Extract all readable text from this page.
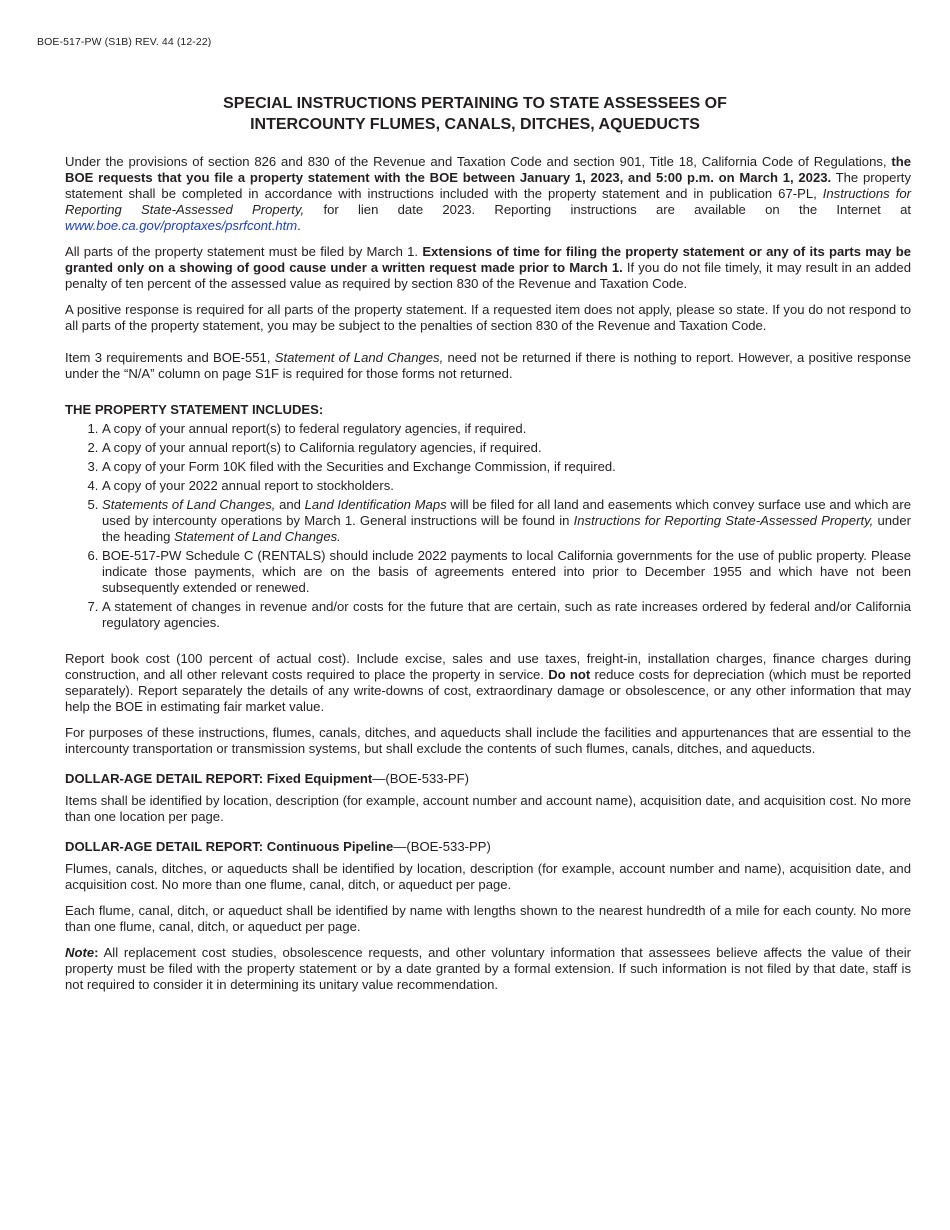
BOE-517-PW (S1B) REV. 44 (12-22)
SPECIAL INSTRUCTIONS PERTAINING TO STATE ASSESSEES OF
INTERCOUNTY FLUMES, CANALS, DITCHES, AQUEDUCTS

Under the provisions of section 826 and 830 of the Revenue and Taxation Code and section 901, Title 18, California Code of Regulations, the BOE requests that you file a property statement with the BOE between January 1, 2023, and 5:00 p.m. on March 1, 2023. The property statement shall be completed in accordance with instructions included with the property statement and in publication 67-PL, Instructions for Reporting State-Assessed Property, for lien date 2023. Reporting instructions are available on the Internet at www.boe.ca.gov/proptaxes/psrfcont.htm.

All parts of the property statement must be filed by March 1. Extensions of time for filing the property statement or any of its parts may be granted only on a showing of good cause under a written request made prior to March 1. If you do not file timely, it may result in an added penalty of ten percent of the assessed value as required by section 830 of the Revenue and Taxation Code.

A positive response is required for all parts of the property statement. If a requested item does not apply, please so state. If you do not respond to all parts of the property statement, you may be subject to the penalties of section 830 of the Revenue and Taxation Code.

Item 3 requirements and BOE-551, Statement of Land Changes, need not be returned if there is nothing to report. However, a positive response under the “N/A” column on page S1F is required for those forms not returned.

THE PROPERTY STATEMENT INCLUDES:
1. A copy of your annual report(s) to federal regulatory agencies, if required.
2. A copy of your annual report(s) to California regulatory agencies, if required.
3. A copy of your Form 10K filed with the Securities and Exchange Commission, if required.
4. A copy of your 2022 annual report to stockholders.
5. Statements of Land Changes, and Land Identification Maps will be filed for all land and easements which convey surface use and which are used by intercounty operations by March 1. General instructions will be found in Instructions for Reporting State-Assessed Property, under the heading Statement of Land Changes.
6. BOE-517-PW Schedule C (RENTALS) should include 2022 payments to local California governments for the use of public property. Please indicate those payments, which are on the basis of agreements entered into prior to December 1955 and which have not been subsequently extended or renewed.
7. A statement of changes in revenue and/or costs for the future that are certain, such as rate increases ordered by federal and/or California regulatory agencies.

Report book cost (100 percent of actual cost). Include excise, sales and use taxes, freight-in, installation charges, finance charges during construction, and all other relevant costs required to place the property in service. Do not reduce costs for depreciation (which must be reported separately). Report separately the details of any write-downs of cost, extraordinary damage or obsolescence, or any other information that may help the BOE in estimating fair market value.

For purposes of these instructions, flumes, canals, ditches, and aqueducts shall include the facilities and appurtenances that are essential to the intercounty transportation or transmission systems, but shall exclude the contents of such flumes, canals, ditches, and aqueducts.

DOLLAR-AGE DETAIL REPORT: Fixed Equipment—(BOE-533-PF)

Items shall be identified by location, description (for example, account number and account name), acquisition date, and acquisition cost. No more than one location per page.

DOLLAR-AGE DETAIL REPORT: Continuous Pipeline—(BOE-533-PP)

Flumes, canals, ditches, or aqueducts shall be identified by location, description (for example, account number and name), acquisition date, and acquisition cost. No more than one flume, canal, ditch, or aqueduct per page.

Each flume, canal, ditch, or aqueduct shall be identified by name with lengths shown to the nearest hundredth of a mile for each county. No more than one flume, canal, ditch, or aqueduct per page.

Note: All replacement cost studies, obsolescence requests, and other voluntary information that assessees believe affects the value of their property must be filed with the property statement or by a date granted by a formal extension. If such information is not filed by that date, staff is not required to consider it in determining its unitary value recommendation.
